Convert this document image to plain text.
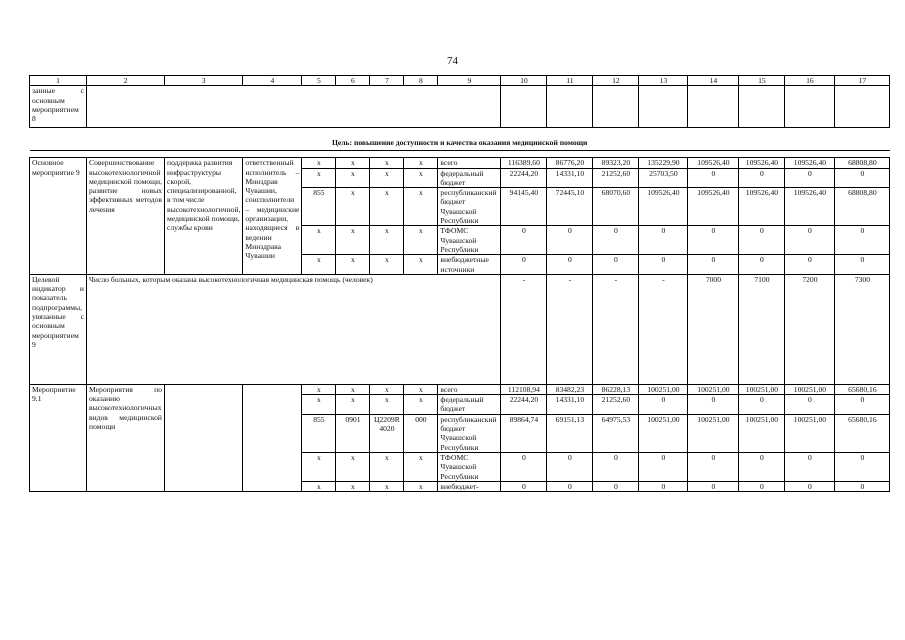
74
1	2	3	4	5	6	7	8	9	10	11	12	13	14	15	16	17
занные с основным мероприятием 8																
Цель: повышение доступности и качества оказания медицинской помощи																

Основное мероприятие 9	Совершенствование высокотехнологичной медицинской помощи, развитие новых эффективных методов лечения	поддержка развития инфраструктуры скорой, специализированной, в том числе высокотехнологичной, медицинской помощи, службы крови	ответственный исполнитель – Минздрав Чувашии, соисполнители – медицинские организации, находящиеся в ведении Минздрава Чувашии	x	x	x	x	всего	116389,60	86776,20	89323,20	135229,90	109526,40	109526,40	109526,40	68808,80
				x	x	x	x	федеральный бюджет	22244,20	14331,10	21252,60	25703,50	0	0	0	0
				855	x	x	x	республиканский бюджет Чувашской Республики	94145,40	72445,10	68070,60	109526,40	109526,40	109526,40	109526,40	68808,80
				x	x	x	x	ТФОМС Чувашской Республики	0	0	0	0	0	0	0	0
				x	x	x	x	внебюджетные источники	0	0	0	0	0	0	0	0
Целевой индикатор и показатель подпрограммы, увязанные с основным мероприятием 9	Число больных, которым оказана высокотехнологичная медицинская помощь (человек)								-	-	-	-	7000	7100	7200	7300
Мероприятие 9.1	Мероприятия по оказанию высокотехнологичных видов медицинской помощи			x	x	x	x	всего	112108,94	83482,23	86228,13	100251,00	100251,00	100251,00	100251,00	65680,16
				x	x	x	x	федеральный бюджет	22244,20	14331,10	21252,60	0	0	0	0	0
				855	0901	Ц2209R4020	000	республиканский бюджет Чувашской Республики	89864,74	69151,13	64975,53	100251,00	100251,00	100251,00	100251,00	65680,16
				x	x	x	x	ТФОМС Чувашской Республики	0	0	0	0	0	0	0	0
				x	x	x	x	внебюджет-	0	0	0	0	0	0	0	0
